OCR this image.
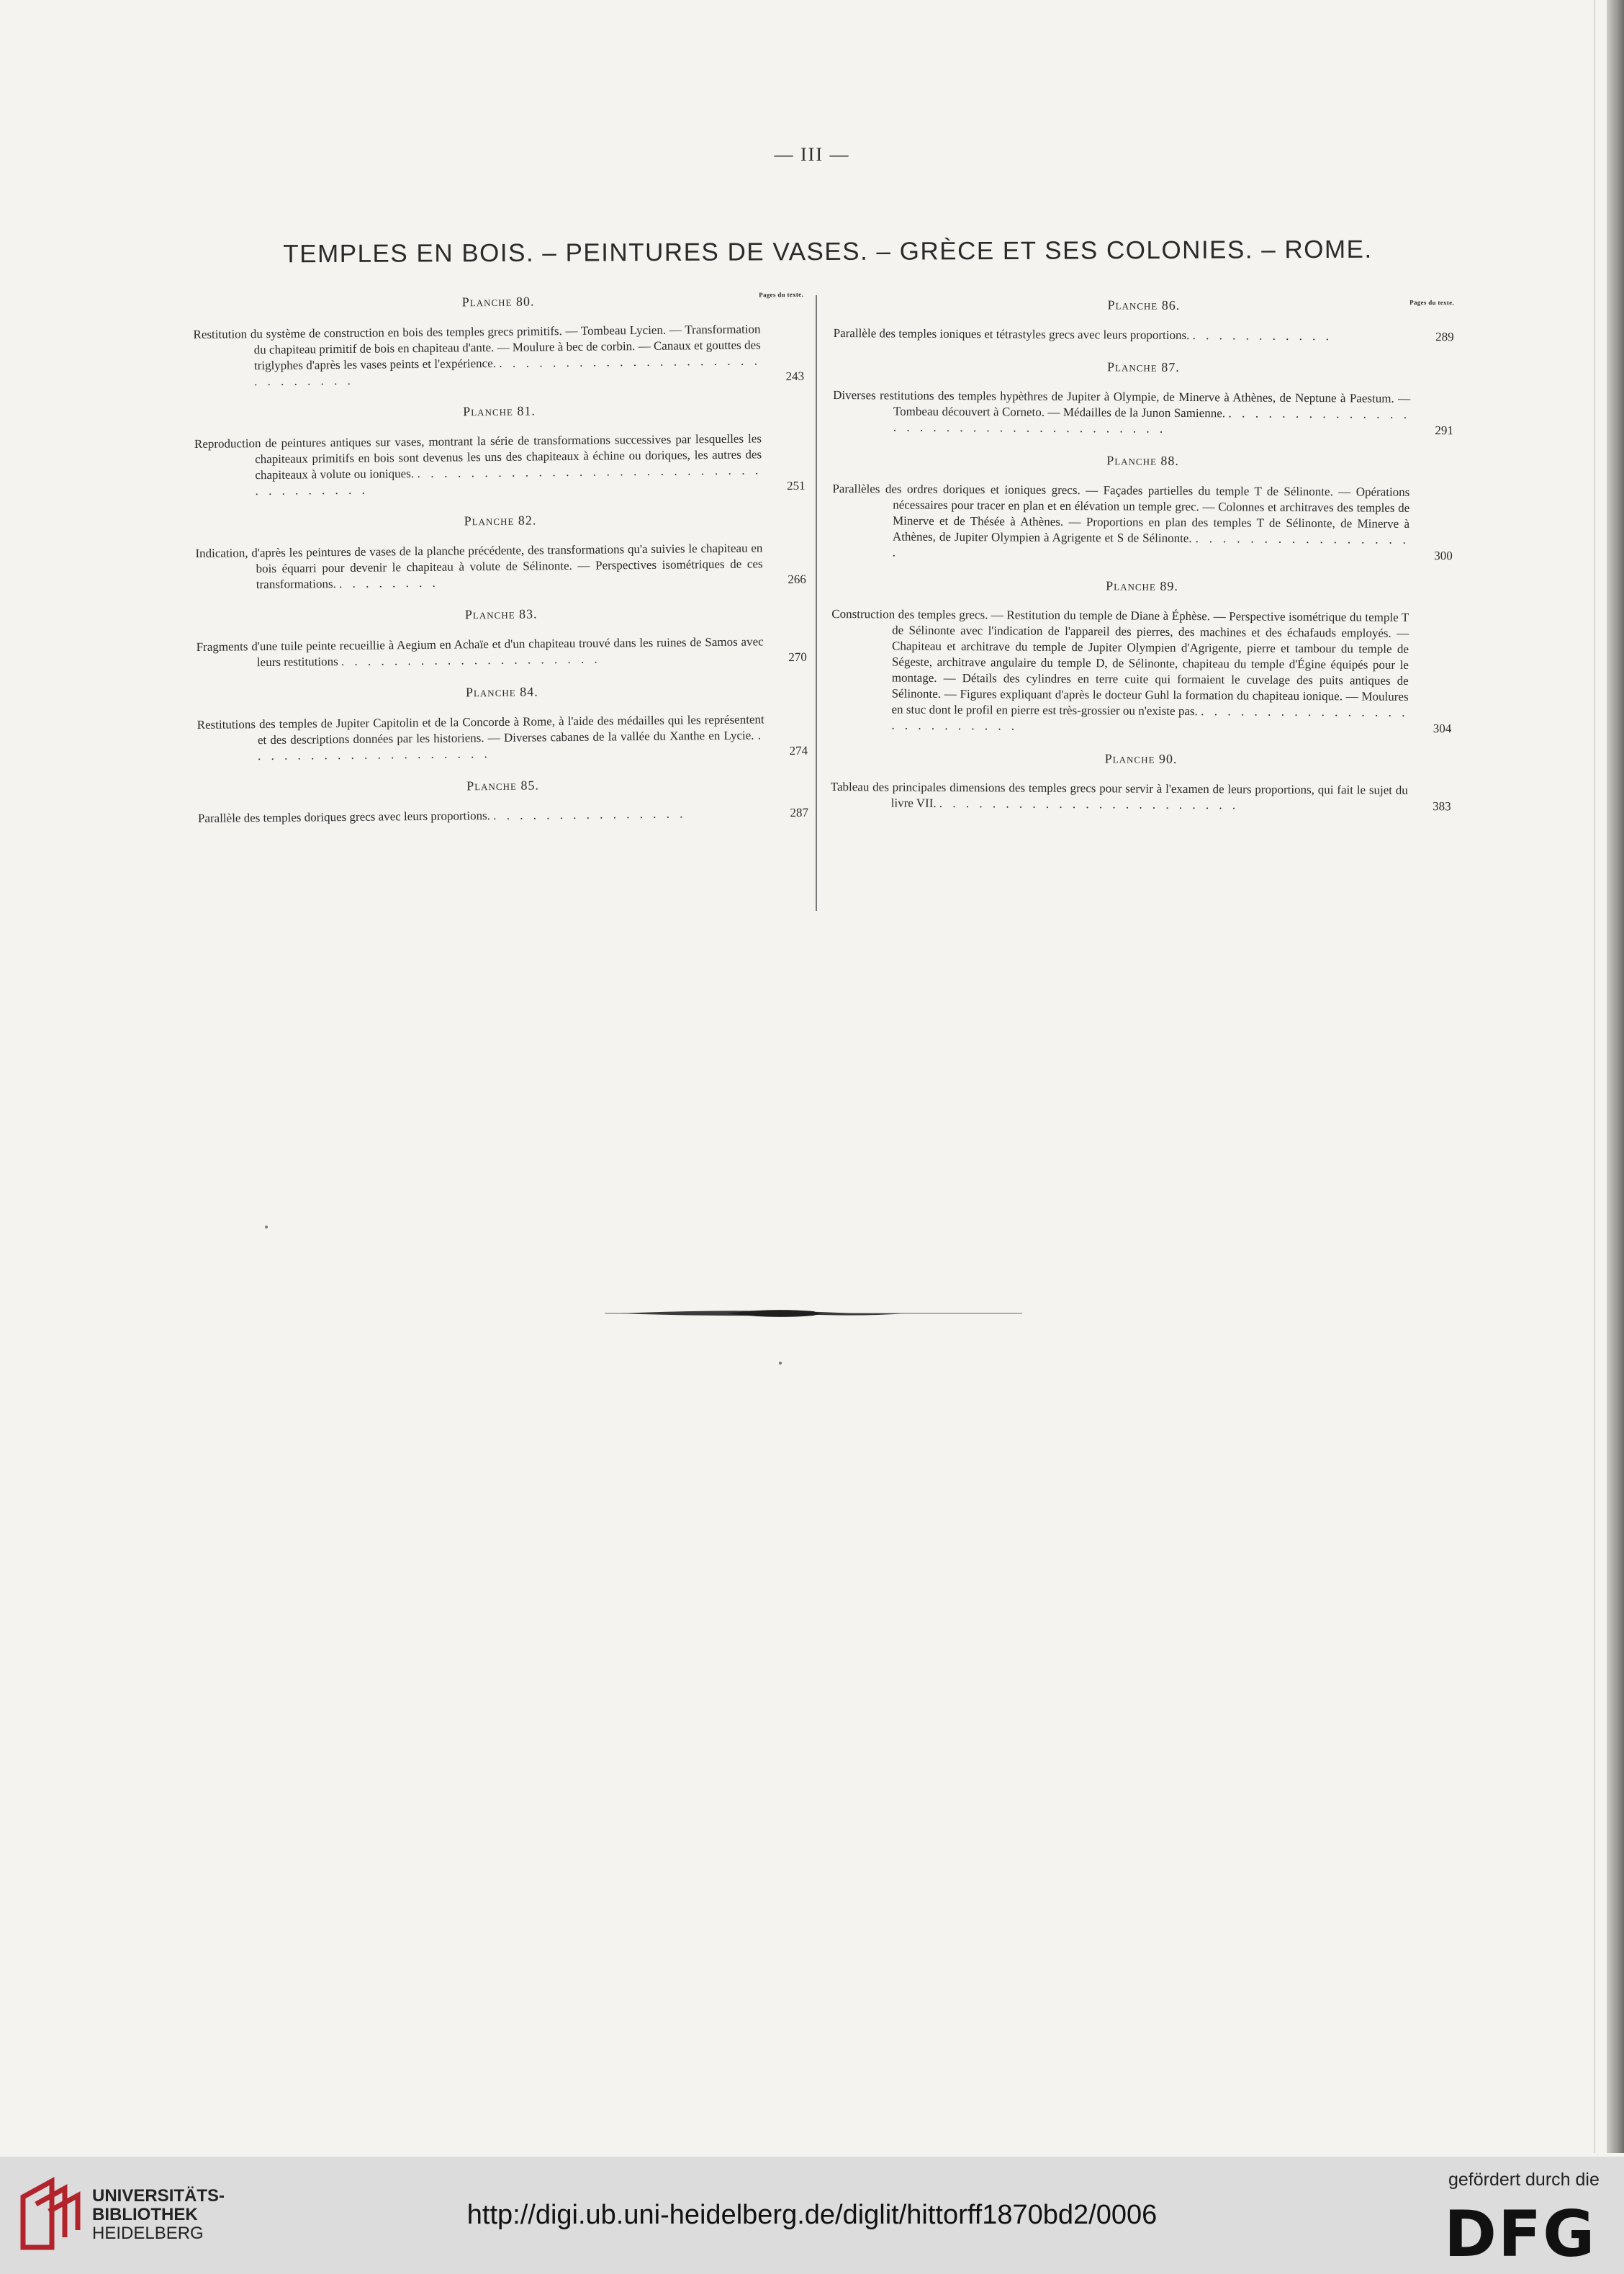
— III —
TEMPLES EN BOIS. – PEINTURES DE VASES. – GRÈCE ET SES COLONIES. – ROME.
Pages du texte.
Planche 80.
Restitution du système de construction en bois des temples grecs primitifs. — Tombeau Lycien. — Transformation du chapiteau primitif de bois en chapiteau d'ante. — Moulure à bec de corbin. — Canaux et gouttes des triglyphes d'après les vases peints et l'expérience. . . . . . . . . . . . . . . . . . . . . . . . . . . . .	243
Planche 81.
Reproduction de peintures antiques sur vases, montrant la série de transformations successives par lesquelles les chapiteaux primitifs en bois sont devenus les uns des chapiteaux à échine ou doriques, les autres des chapiteaux à volute ou ioniques. . . . . . . . . . . . . . . . . . . . . . . . . . . . . . . . . . . .	251
Planche 82.
Indication, d'après les peintures de vases de la planche précédente, des transformations qu'a suivies le chapiteau en bois équarri pour devenir le chapiteau à volute de Sélinonte. — Perspectives isométriques de ces transformations. . . . . . . . .	266
Planche 83.
Fragments d'une tuile peinte recueillie à Aegium en Achaïe et d'un chapiteau trouvé dans les ruines de Samos avec leurs restitutions . . . . . . . . . . . . . . . . . . . .	270
Planche 84.
Restitutions des temples de Jupiter Capitolin et de la Concorde à Rome, à l'aide des médailles qui les représentent et des descriptions données par les historiens. — Diverses cabanes de la vallée du Xanthe en Lycie. . . . . . . . . . . . . . . . . . . .	274
Planche 85.
Parallèle des temples doriques grecs avec leurs proportions. . . . . . . . . . . . . . . .	287
Pages du texte.
Planche 86.
Parallèle des temples ioniques et tétrastyles grecs avec leurs proportions. . . . . . . . . . . .	289
Planche 87.
Diverses restitutions des temples hypèthres de Jupiter à Olympie, de Minerve à Athènes, de Neptune à Paestum. — Tombeau découvert à Corneto. — Médailles de la Junon Samienne. . . . . . . . . . . . . . . . . . . . . . . . . . . . . . . . . . . .	291
Planche 88.
Parallèles des ordres doriques et ioniques grecs. — Façades partielles du temple T de Sélinonte. — Opérations nécessaires pour tracer en plan et en élévation un temple grec. — Colonnes et architraves des temples de Minerve et de Thésée à Athènes. — Proportions en plan des temples T de Sélinonte, de Minerve à Athènes, de Jupiter Olympien à Agrigente et S de Sélinonte. . . . . . . . . . . . . . . . . .	300
Planche 89.
Construction des temples grecs. — Restitution du temple de Diane à Éphèse. — Perspective isométrique du temple T de Sélinonte avec l'indication de l'appareil des pierres, des machines et des échafauds employés. — Chapiteau et architrave du temple de Jupiter Olympien d'Agrigente, pierre et tambour du temple de Ségeste, architrave angulaire du temple D, de Sélinonte, chapiteau du temple d'Égine équipés pour le montage. — Détails des cylindres en terre cuite qui formaient le cuvelage des puits antiques de Sélinonte. — Figures expliquant d'après le docteur Guhl la formation du chapiteau ionique. — Moulures en stuc dont le profil en pierre est très-grossier ou n'existe pas. . . . . . . . . . . . . . . . . . . . . . . . . . .	304
Planche 90.
Tableau des principales dimensions des temples grecs pour servir à l'examen de leurs proportions, qui fait le sujet du livre VII. . . . . . . . . . . . . . . . . . . . . . . .	383
UNIVERSITÄTS-
BIBLIOTHEK
HEIDELBERG
http://digi.ub.uni-heidelberg.de/diglit/hittorff1870bd2/0006
gefördert durch die
DFG
